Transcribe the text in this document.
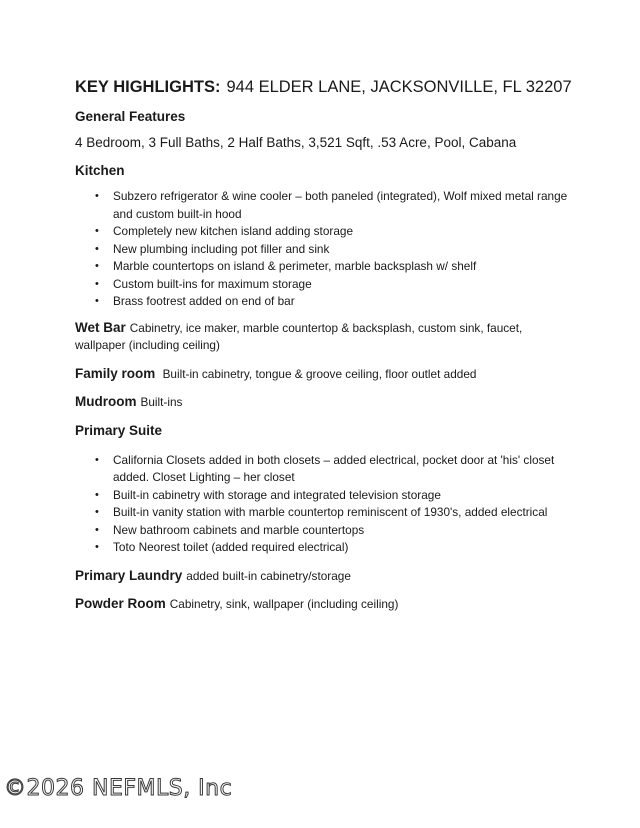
KEY HIGHLIGHTS: 944 ELDER LANE, JACKSONVILLE, FL 32207
General Features
4 Bedroom, 3 Full Baths, 2 Half Baths, 3,521 Sqft, .53 Acre, Pool, Cabana
Kitchen
• Subzero refrigerator & wine cooler – both paneled (integrated), Wolf mixed metal range and custom built-in hood
• Completely new kitchen island adding storage
• New plumbing including pot filler and sink
• Marble countertops on island & perimeter, marble backsplash w/ shelf
• Custom built-ins for maximum storage
• Brass footrest added on end of bar
Wet Bar Cabinetry, ice maker, marble countertop & backsplash, custom sink, faucet, wallpaper (including ceiling)
Family room Built-in cabinetry, tongue & groove ceiling, floor outlet added
Mudroom Built-ins
Primary Suite
• California Closets added in both closets – added electrical, pocket door at 'his' closet added. Closet Lighting – her closet
• Built-in cabinetry with storage and integrated television storage
• Built-in vanity station with marble countertop reminiscent of 1930's, added electrical
• New bathroom cabinets and marble countertops
• Toto Neorest toilet (added required electrical)
Primary Laundry added built-in cabinetry/storage
Powder Room Cabinetry, sink, wallpaper (including ceiling)
©2026 NEFMLS, Inc
